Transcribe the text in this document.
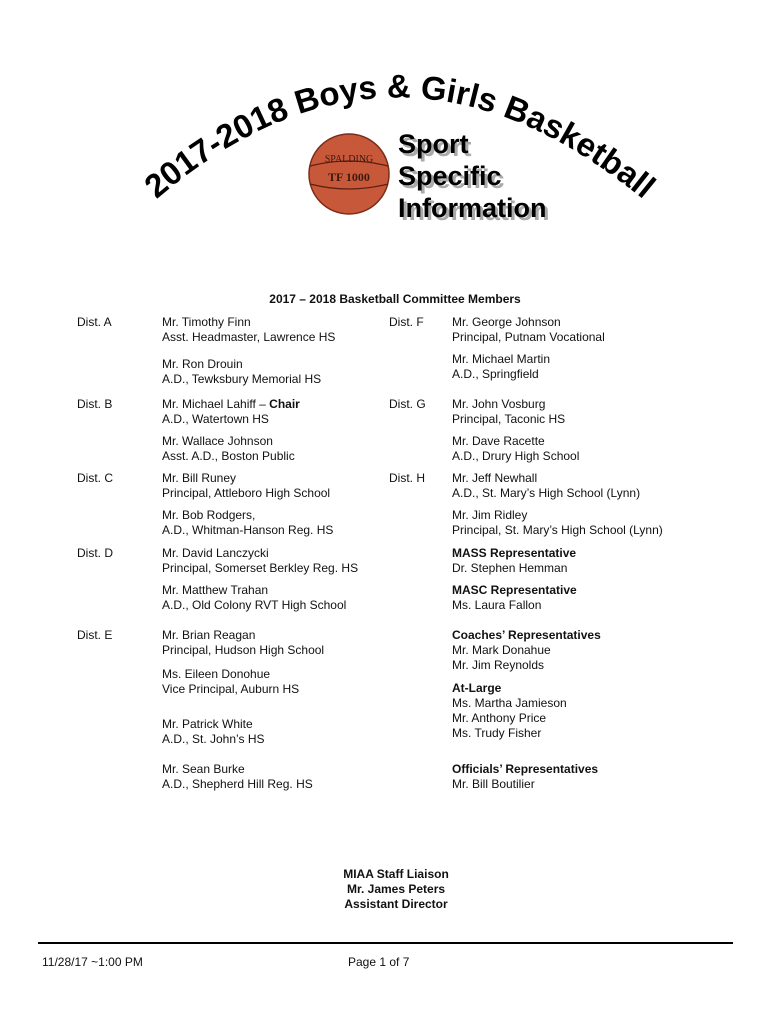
2017-2018 Boys & Girls Basketball
SPALDING
TF 1000
Sport
Specific
Information
2017 – 2018 Basketball Committee Members
Dist. A	Mr. Timothy Finn
Asst. Headmaster, Lawrence HS
Mr. Ron Drouin
A.D., Tewksbury Memorial HS
Dist. B	Mr. Michael Lahiff – Chair
A.D., Watertown HS
Mr. Wallace Johnson
Asst. A.D., Boston Public
Dist. C	Mr. Bill Runey
Principal, Attleboro High School
Mr. Bob Rodgers,
A.D., Whitman-Hanson Reg. HS
Dist. D	Mr. David Lanczycki
Principal, Somerset Berkley Reg. HS
Mr. Matthew Trahan
A.D., Old Colony RVT High School
Dist. E	Mr. Brian Reagan
Principal, Hudson High School
Ms. Eileen Donohue
Vice Principal, Auburn HS
Mr. Patrick White
A.D., St. John’s HS
Mr. Sean Burke
A.D., Shepherd Hill Reg. HS
Dist. F Mr. George Johnson
Principal, Putnam Vocational
Mr. Michael Martin
A.D., Springfield
Dist. G Mr. John Vosburg
Principal, Taconic HS
Mr. Dave Racette
A.D., Drury High School
Dist. H Mr. Jeff Newhall
A.D., St. Mary’s High School (Lynn)
Mr. Jim Ridley
Principal, St. Mary’s High School (Lynn)
MASS Representative
Dr. Stephen Hemman
MASC Representative
Ms. Laura Fallon
Coaches’ Representatives
Mr. Mark Donahue
Mr. Jim Reynolds
At-Large
Ms. Martha Jamieson
Mr. Anthony Price
Ms. Trudy Fisher
Officials’ Representatives
Mr. Bill Boutilier
MIAA Staff Liaison
Mr. James Peters
Assistant Director
11/28/17 ~1:00 PM	Page 1 of 7
